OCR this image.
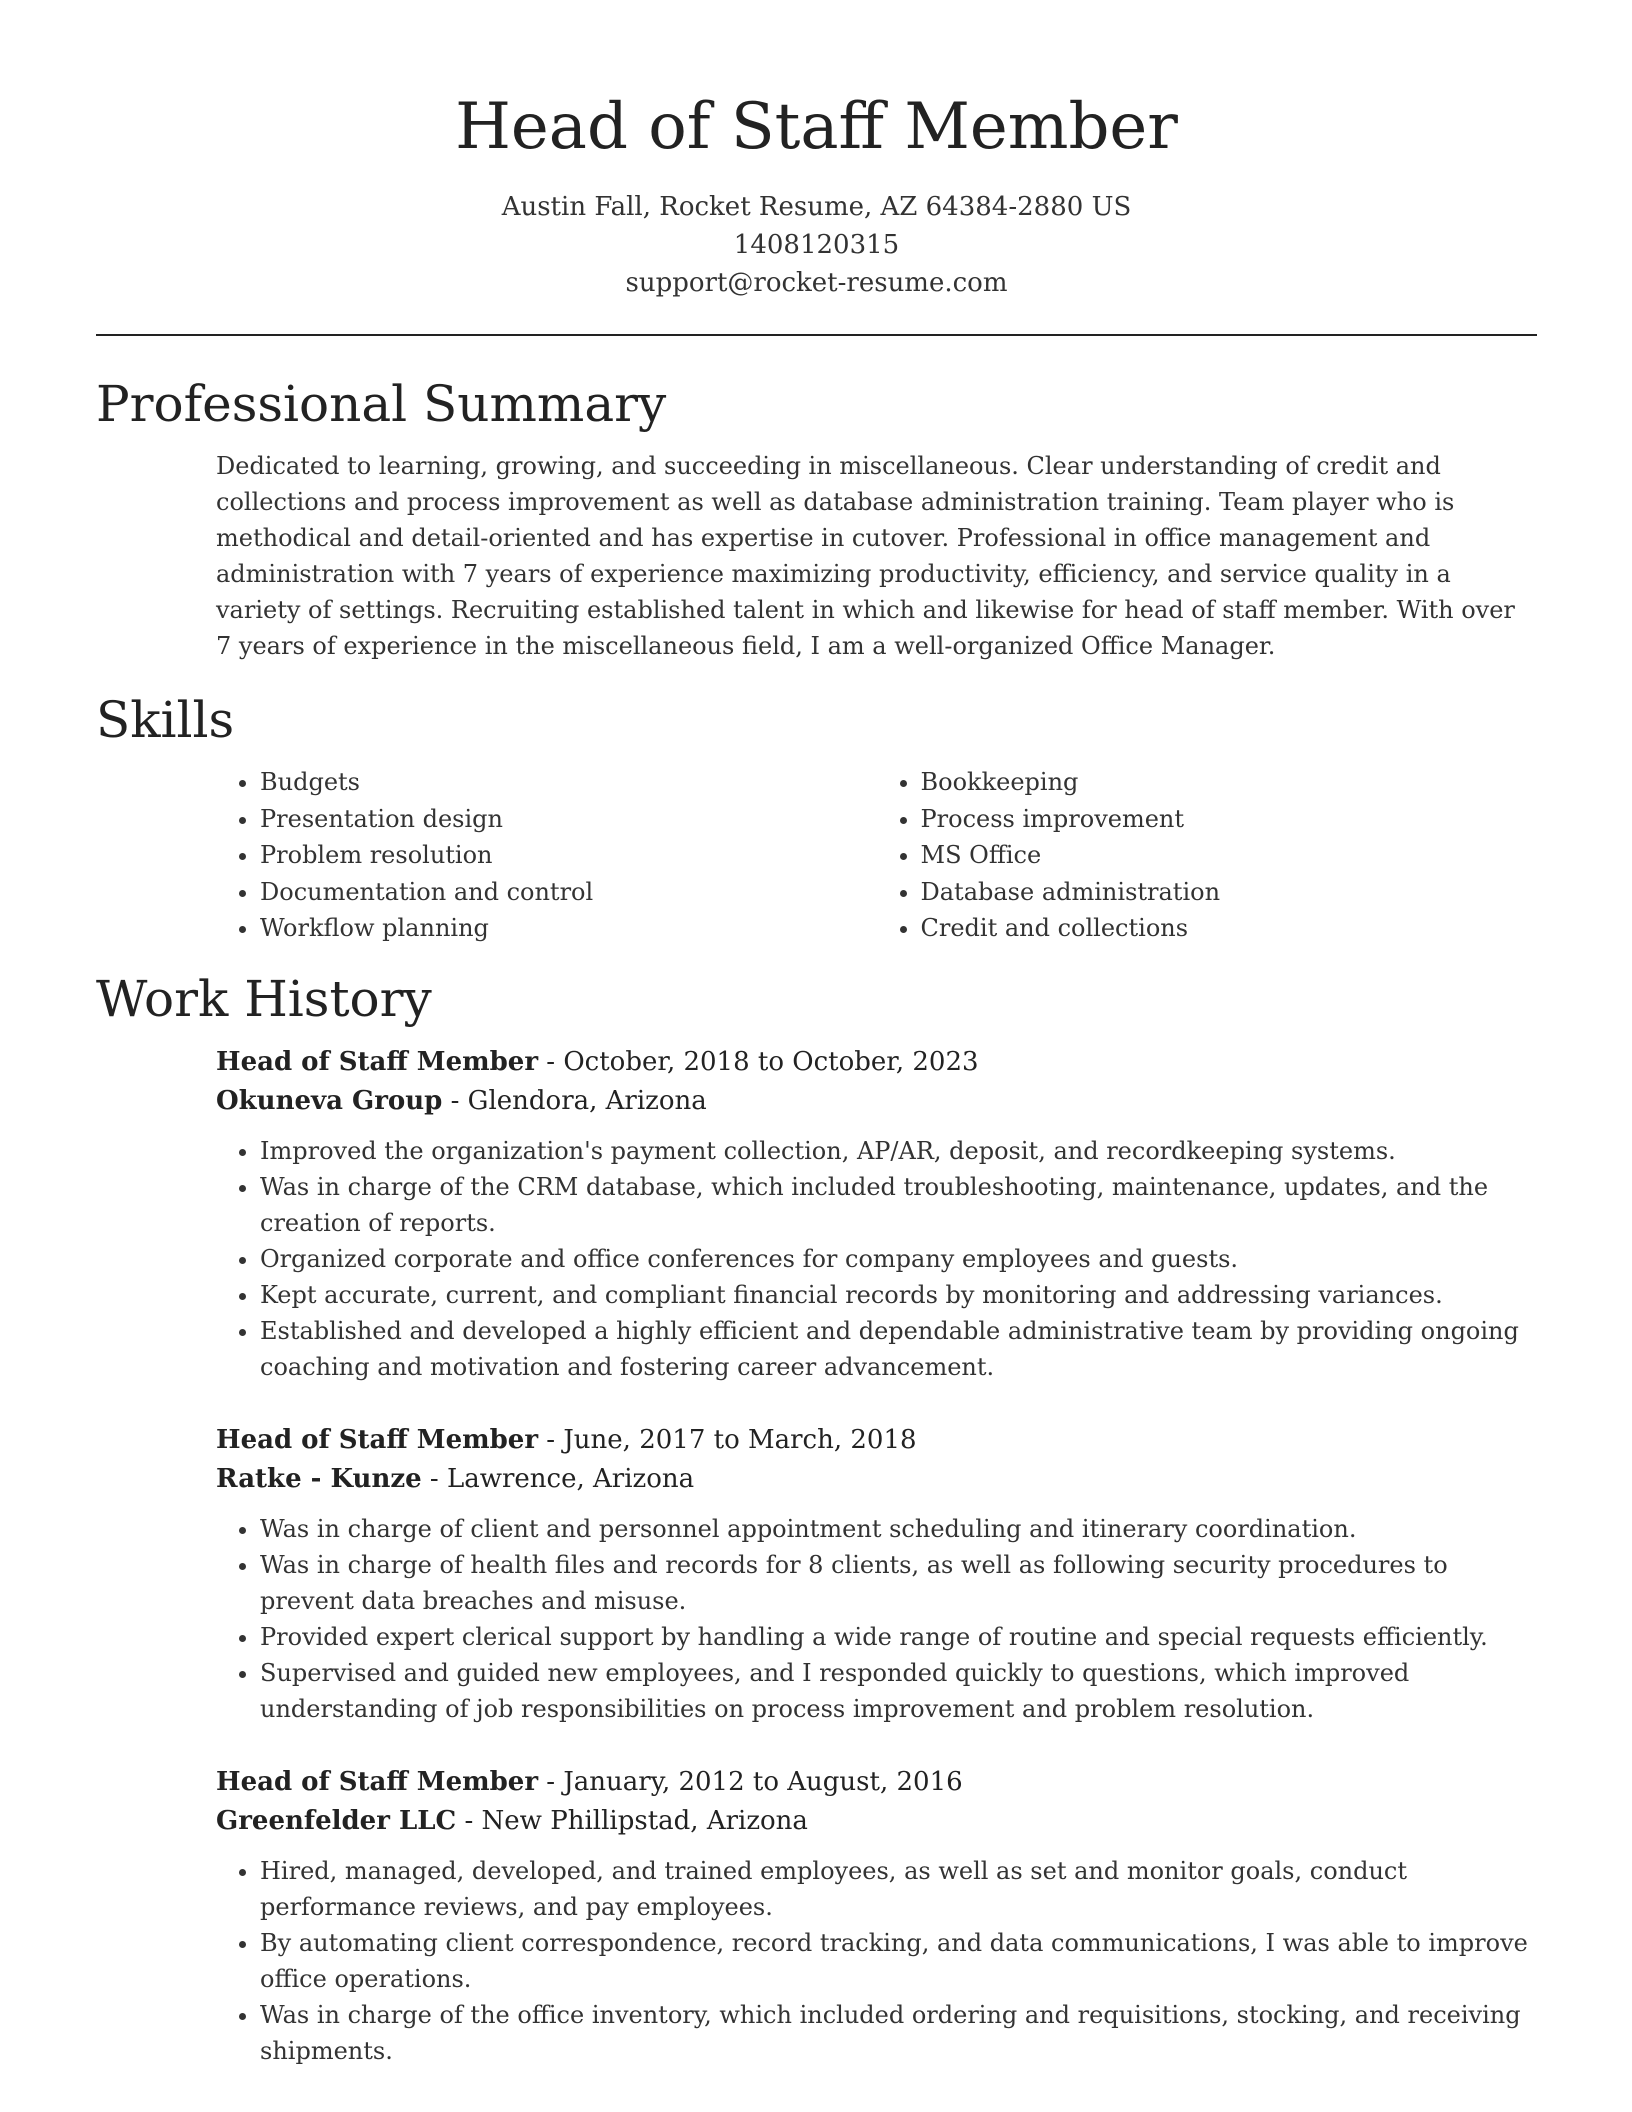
Head of Staff Member
Austin Fall, Rocket Resume, AZ 64384-2880 US
1408120315
support@rocket-resume.com
Professional Summary
Dedicated to learning, growing, and succeeding in miscellaneous. Clear understanding of credit and collections and process improvement as well as database administration training. Team player who is methodical and detail-oriented and has expertise in cutover. Professional in office management and administration with 7 years of experience maximizing productivity, efficiency, and service quality in a variety of settings. Recruiting established talent in which and likewise for head of staff member. With over 7 years of experience in the miscellaneous field, I am a well-organized Office Manager.
Skills
• Budgets
• Presentation design
• Problem resolution
• Documentation and control
• Workflow planning
• Bookkeeping
• Process improvement
• MS Office
• Database administration
• Credit and collections
Work History
Head of Staff Member - October, 2018 to October, 2023
Okuneva Group - Glendora, Arizona
• Improved the organization's payment collection, AP/AR, deposit, and recordkeeping systems.
• Was in charge of the CRM database, which included troubleshooting, maintenance, updates, and the creation of reports.
• Organized corporate and office conferences for company employees and guests.
• Kept accurate, current, and compliant financial records by monitoring and addressing variances.
• Established and developed a highly efficient and dependable administrative team by providing ongoing coaching and motivation and fostering career advancement.
Head of Staff Member - June, 2017 to March, 2018
Ratke - Kunze - Lawrence, Arizona
• Was in charge of client and personnel appointment scheduling and itinerary coordination.
• Was in charge of health files and records for 8 clients, as well as following security procedures to prevent data breaches and misuse.
• Provided expert clerical support by handling a wide range of routine and special requests efficiently.
• Supervised and guided new employees, and I responded quickly to questions, which improved understanding of job responsibilities on process improvement and problem resolution.
Head of Staff Member - January, 2012 to August, 2016
Greenfelder LLC - New Phillipstad, Arizona
• Hired, managed, developed, and trained employees, as well as set and monitor goals, conduct performance reviews, and pay employees.
• By automating client correspondence, record tracking, and data communications, I was able to improve office operations.
• Was in charge of the office inventory, which included ordering and requisitions, stocking, and receiving shipments.
